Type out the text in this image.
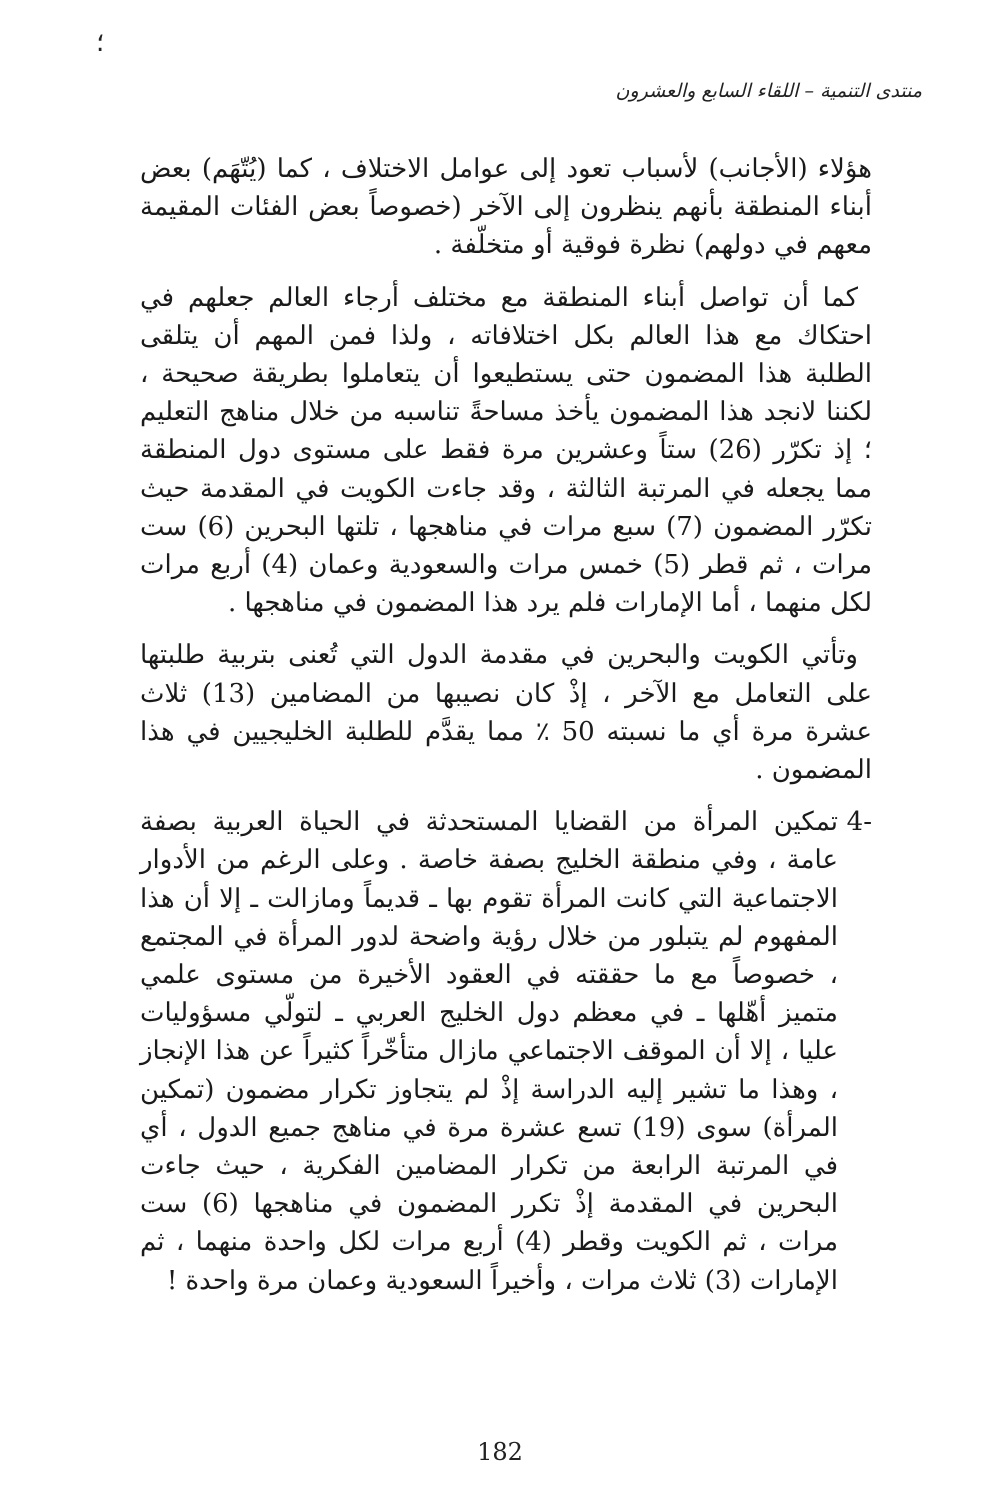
؛
منتدى التنمية – اللقاء السابع والعشرون

هؤلاء (الأجانب) لأسباب تعود إلى عوامل الاختلاف ، كما (يُتّهَم) بعض أبناء المنطقة بأنهم ينظرون إلى الآخر (خصوصاً بعض الفئات المقيمة معهم في دولهم) نظرة فوقية أو متخلّفة .

كما أن تواصل أبناء المنطقة مع مختلف أرجاء العالم جعلهم في احتكاك مع هذا العالم بكل اختلافاته ، ولذا فمن المهم أن يتلقى الطلبة هذا المضمون حتى يستطيعوا أن يتعاملوا بطريقة صحيحة ، لكننا لانجد هذا المضمون يأخذ مساحةً تناسبه من خلال مناهج التعليم ؛ إذ تكرّر (26) ستاً وعشرين مرة فقط على مستوى دول المنطقة مما يجعله في المرتبة الثالثة ، وقد جاءت الكويت في المقدمة حيث تكرّر المضمون (7) سبع مرات في مناهجها ، تلتها البحرين (6) ست مرات ، ثم قطر (5) خمس مرات والسعودية وعمان (4) أربع مرات لكل منهما ، أما الإمارات فلم يرد هذا المضمون في مناهجها .

وتأتي الكويت والبحرين في مقدمة الدول التي تُعنى بتربية طلبتها على التعامل مع الآخر ، إذْ كان نصيبها من المضامين (13) ثلاث عشرة مرة أي ما نسبته 50 ٪ مما يقدَّم للطلبة الخليجيين في هذا المضمون .

-4

تمكين المرأة من القضايا المستحدثة في الحياة العربية بصفة عامة ، وفي منطقة الخليج بصفة خاصة . وعلى الرغم من الأدوار الاجتماعية التي كانت المرأة تقوم بها ـ قديماً ومازالت ـ إلا أن هذا المفهوم لم يتبلور من خلال رؤية واضحة لدور المرأة في المجتمع ، خصوصاً مع ما حققته في العقود الأخيرة من مستوى علمي متميز أهّلها ـ في معظم دول الخليج العربي ـ لتولّي مسؤوليات عليا ، إلا أن الموقف الاجتماعي مازال متأخّراً كثيراً عن هذا الإنجاز ، وهذا ما تشير إليه الدراسة إذْ لم يتجاوز تكرار مضمون (تمكين المرأة) سوى (19) تسع عشرة مرة في مناهج جميع الدول ، أي في المرتبة الرابعة من تكرار المضامين الفكرية ، حيث جاءت البحرين في المقدمة إذْ تكرر المضمون في مناهجها (6) ست مرات ، ثم الكويت وقطر (4) أربع مرات لكل واحدة منهما ، ثم الإمارات (3) ثلاث مرات ، وأخيراً السعودية وعمان مرة واحدة !

182
